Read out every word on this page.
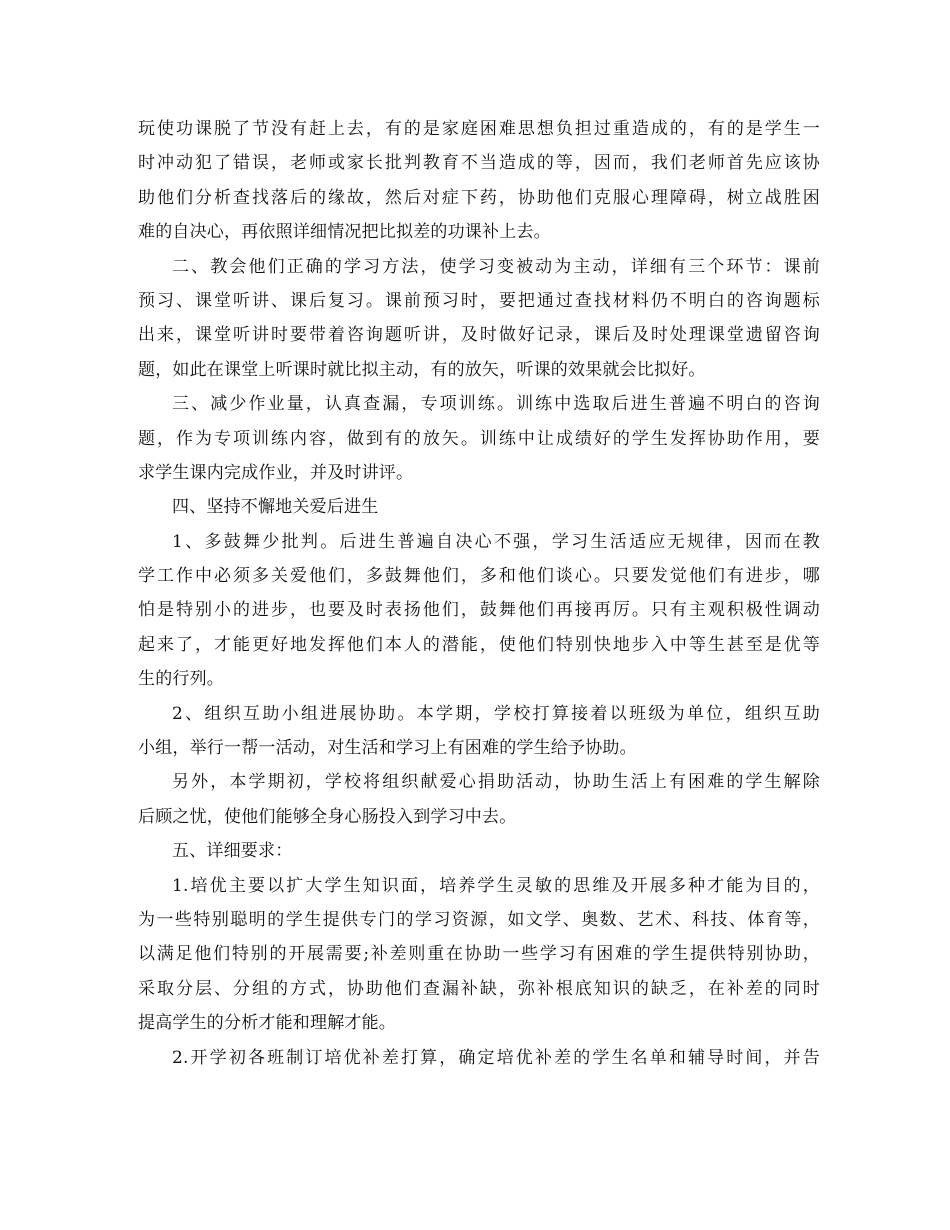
玩使功课脱了节没有赶上去，有的是家庭困难思想负担过重造成的，有的是学生一
时冲动犯了错误，老师或家长批判教育不当造成的等，因而，我们老师首先应该协
助他们分析查找落后的缘故，然后对症下药，协助他们克服心理障碍，树立战胜困
难的自决心，再依照详细情况把比拟差的功课补上去。
二、教会他们正确的学习方法，使学习变被动为主动，详细有三个环节：课前
预习、课堂听讲、课后复习。课前预习时，要把通过查找材料仍不明白的咨询题标
出来，课堂听讲时要带着咨询题听讲，及时做好记录，课后及时处理课堂遗留咨询
题，如此在课堂上听课时就比拟主动，有的放矢，听课的效果就会比拟好。
三、减少作业量，认真查漏，专项训练。训练中选取后进生普遍不明白的咨询
题，作为专项训练内容，做到有的放矢。训练中让成绩好的学生发挥协助作用，要
求学生课内完成作业，并及时讲评。
四、坚持不懈地关爱后进生
1、多鼓舞少批判。后进生普遍自决心不强，学习生活适应无规律，因而在教
学工作中必须多关爱他们，多鼓舞他们，多和他们谈心。只要发觉他们有进步，哪
怕是特别小的进步，也要及时表扬他们，鼓舞他们再接再厉。只有主观积极性调动
起来了，才能更好地发挥他们本人的潜能，使他们特别快地步入中等生甚至是优等
生的行列。
2、组织互助小组进展协助。本学期，学校打算接着以班级为单位，组织互助
小组，举行一帮一活动，对生活和学习上有困难的学生给予协助。
另外，本学期初，学校将组织献爱心捐助活动，协助生活上有困难的学生解除
后顾之忧，使他们能够全身心肠投入到学习中去。
五、详细要求：
1.培优主要以扩大学生知识面，培养学生灵敏的思维及开展多种才能为目的，
为一些特别聪明的学生提供专门的学习资源，如文学、奥数、艺术、科技、体育等，
以满足他们特别的开展需要;补差则重在协助一些学习有困难的学生提供特别协助，
采取分层、分组的方式，协助他们查漏补缺，弥补根底知识的缺乏，在补差的同时
提高学生的分析才能和理解才能。
2.开学初各班制订培优补差打算，确定培优补差的学生名单和辅导时间，并告
